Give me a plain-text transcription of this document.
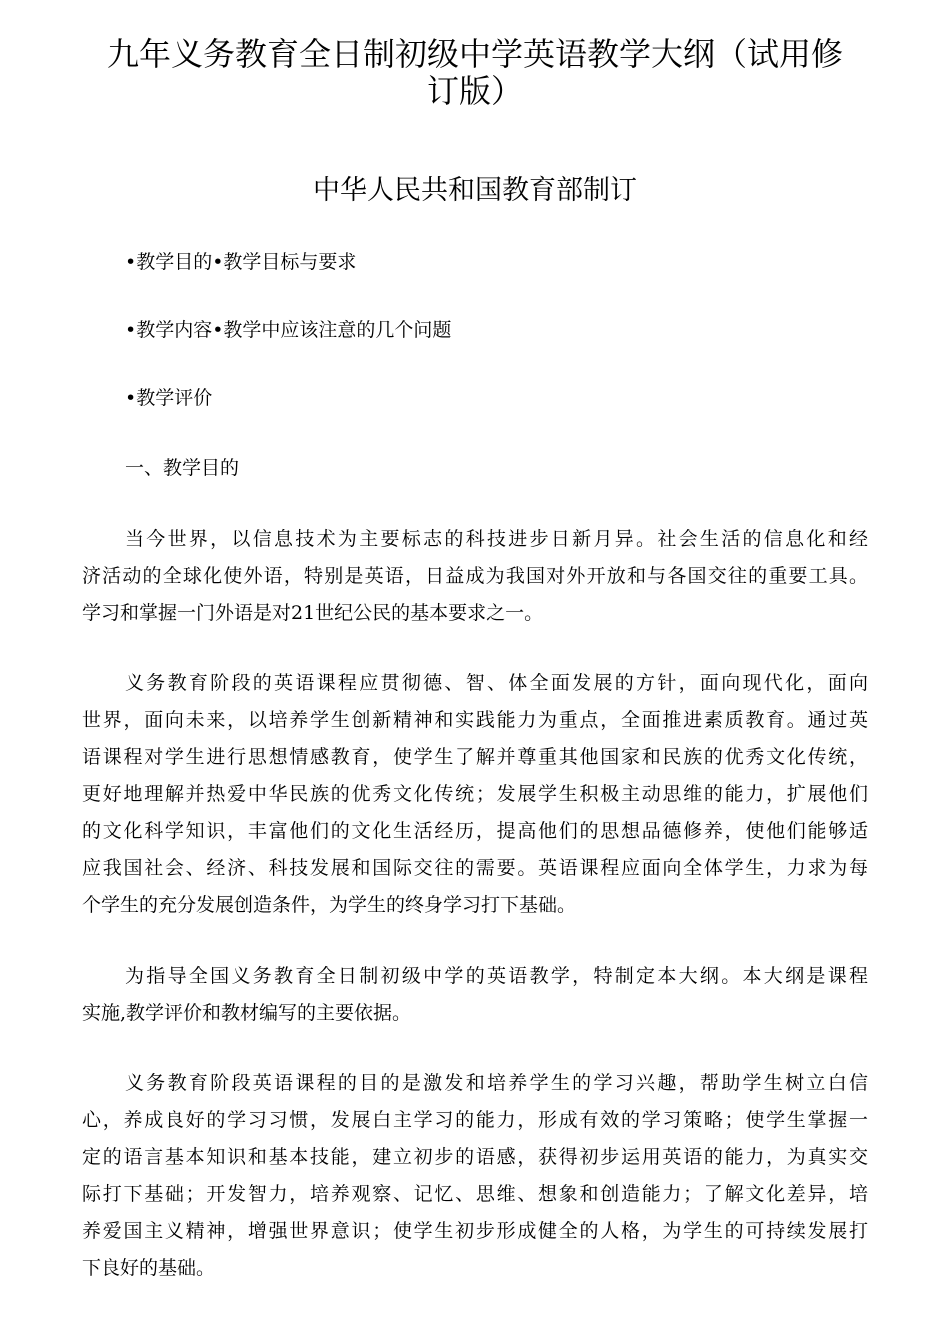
九年义务教育全日制初级中学英语教学大纲（试用修
订版）
中华人民共和国教育部制订
•教学目的•教学目标与要求
•教学内容•教学中应该注意的几个问题
•教学评价
一、教学目的
当今世界，以信息技术为主要标志的科技进步日新月异。社会生活的信息化和经
济活动的全球化使外语，特别是英语，日益成为我国对外开放和与各国交往的重要工具。
学习和掌握一门外语是对21世纪公民的基本要求之一。
义务教育阶段的英语课程应贯彻德、智、体全面发展的方针，面向现代化，面向
世界，面向未来，以培养学生创新精神和实践能力为重点，全面推进素质教育。通过英
语课程对学生进行思想情感教育，使学生了解并尊重其他国家和民族的优秀文化传统，
更好地理解并热爱中华民族的优秀文化传统；发展学生积极主动思维的能力，扩展他们
的文化科学知识，丰富他们的文化生活经历，提高他们的思想品德修养，使他们能够适
应我国社会、经济、科技发展和国际交往的需要。英语课程应面向全体学生，力求为每
个学生的充分发展创造条件，为学生的终身学习打下基础。
为指导全国义务教育全日制初级中学的英语教学，特制定本大纲。本大纲是课程
实施,教学评价和教材编写的主要依据。
义务教育阶段英语课程的目的是激发和培养学生的学习兴趣，帮助学生树立白信
心，养成良好的学习习惯，发展白主学习的能力，形成有效的学习策略；使学生掌握一
定的语言基本知识和基本技能，建立初步的语感，获得初步运用英语的能力，为真实交
际打下基础；开发智力，培养观察、记忆、思维、想象和创造能力；了解文化差异，培
养爱国主义精神，增强世界意识；使学生初步形成健全的人格，为学生的可持续发展打
下良好的基础。
